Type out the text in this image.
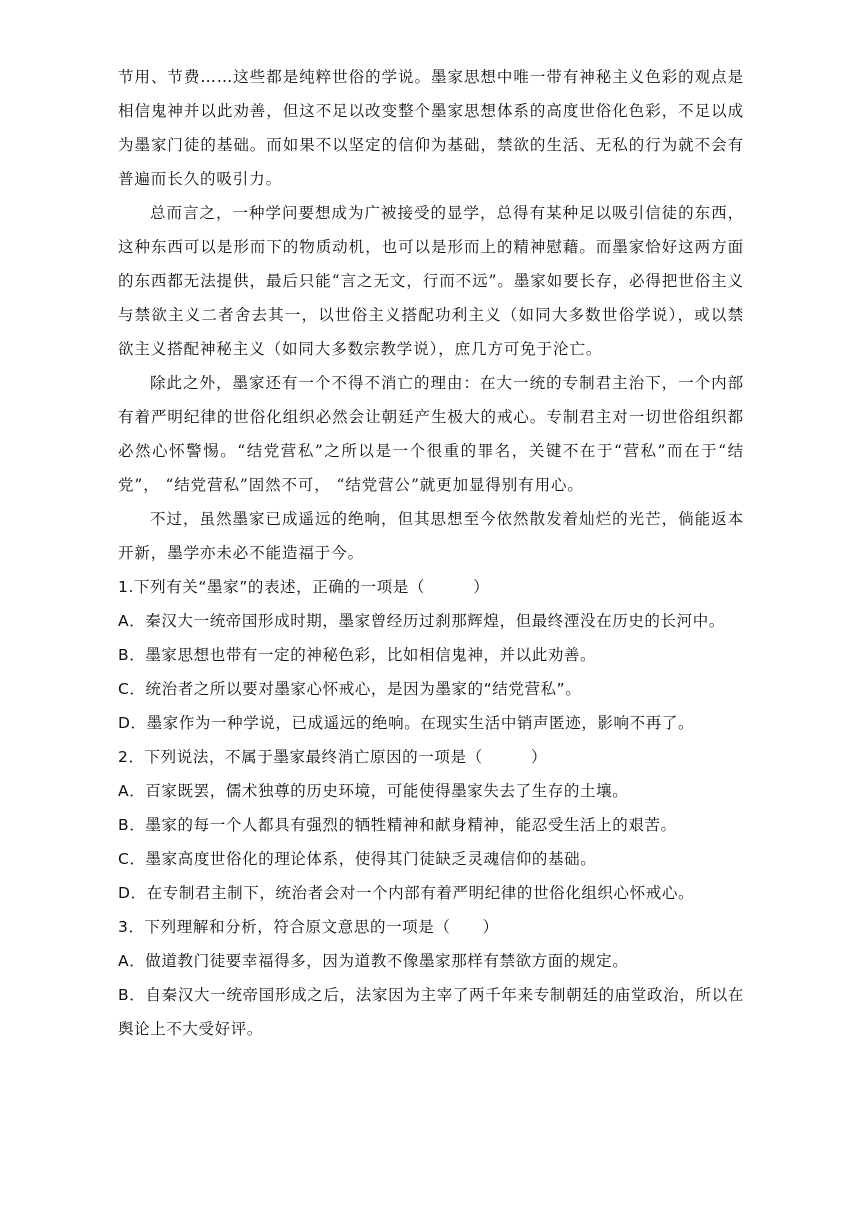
节用、节费……这些都是纯粹世俗的学说。墨家思想中唯一带有神秘主义色彩的观点是相信鬼神并以此劝善，但这不足以改变整个墨家思想体系的高度世俗化色彩，不足以成为墨家门徒的基础。而如果不以坚定的信仰为基础，禁欲的生活、无私的行为就不会有普遍而长久的吸引力。

总而言之，一种学问要想成为广被接受的显学，总得有某种足以吸引信徒的东西，这种东西可以是形而下的物质动机，也可以是形而上的精神慰藉。而墨家恰好这两方面的东西都无法提供，最后只能“言之无文，行而不远”。墨家如要长存，必得把世俗主义与禁欲主义二者舍去其一，以世俗主义搭配功利主义（如同大多数世俗学说），或以禁欲主义搭配神秘主义（如同大多数宗教学说），庶几方可免于沦亡。

除此之外，墨家还有一个不得不消亡的理由：在大一统的专制君主治下，一个内部有着严明纪律的世俗化组织必然会让朝廷产生极大的戒心。专制君主对一切世俗组织都必然心怀警惕。“结党营私”之所以是一个很重的罪名，关键不在于“营私”而在于“结党”， “结党营私”固然不可， “结党营公”就更加显得别有用心。

不过，虽然墨家已成遥远的绝响，但其思想至今依然散发着灿烂的光芒，倘能返本开新，墨学亦未必不能造福于今。

1.下列有关“墨家”的表述，正确的一项是（　　　）

A．秦汉大一统帝国形成时期，墨家曾经历过刹那辉煌，但最终湮没在历史的长河中。

B．墨家思想也带有一定的神秘色彩，比如相信鬼神，并以此劝善。

C．统治者之所以要对墨家心怀戒心，是因为墨家的“结党营私”。

D．墨家作为一种学说，已成遥远的绝响。在现实生活中销声匿迹，影响不再了。

2．下列说法，不属于墨家最终消亡原因的一项是（　　　）

A．百家既罢，儒术独尊的历史环境，可能使得墨家失去了生存的土壤。

B．墨家的每一个人都具有强烈的牺牲精神和献身精神，能忍受生活上的艰苦。

C．墨家高度世俗化的理论体系，使得其门徒缺乏灵魂信仰的基础。

D．在专制君主制下，统治者会对一个内部有着严明纪律的世俗化组织心怀戒心。

3．下列理解和分析，符合原文意思的一项是（　　）

A．做道教门徒要幸福得多，因为道教不像墨家那样有禁欲方面的规定。

B．自秦汉大一统帝国形成之后，法家因为主宰了两千年来专制朝廷的庙堂政治，所以在舆论上不大受好评。
